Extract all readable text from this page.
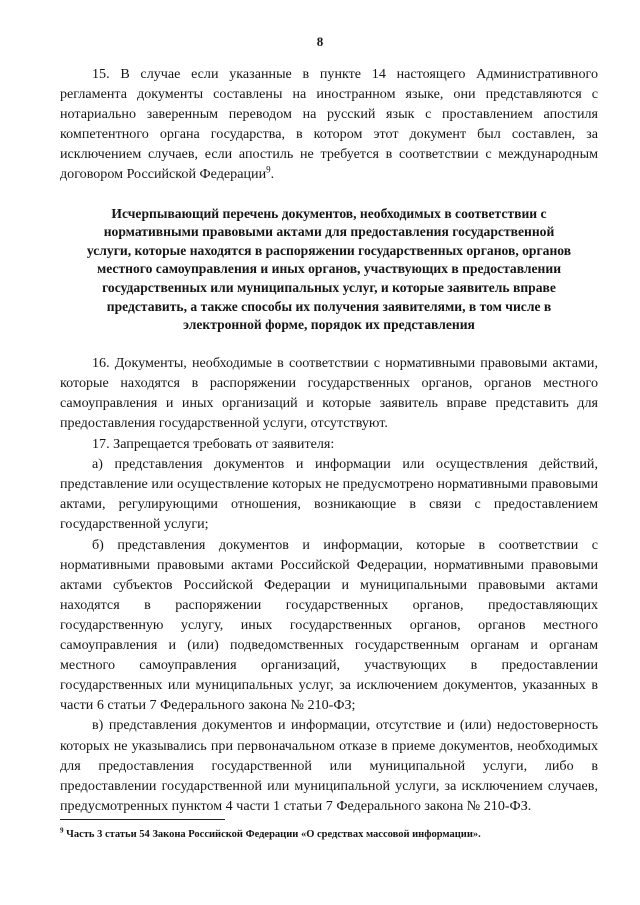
8

15. В случае если указанные в пункте 14 настоящего Административного регламента документы составлены на иностранном языке, они представляются с нотариально заверенным переводом на русский язык с проставлением апостиля компетентного органа государства, в котором этот документ был составлен, за исключением случаев, если апостиль не требуется в соответствии с международным договором Российской Федерации$^9$.

Исчерпывающий перечень документов, необходимых в соответствии с нормативными правовыми актами для предоставления государственной услуги, которые находятся в распоряжении государственных органов, органов местного самоуправления и иных органов, участвующих в предоставлении государственных или муниципальных услуг, и которые заявитель вправе представить, а также способы их получения заявителями, в том числе в электронной форме, порядок их представления

16. Документы, необходимые в соответствии с нормативными правовыми актами, которые находятся в распоряжении государственных органов, органов местного самоуправления и иных организаций и которые заявитель вправе представить для предоставления государственной услуги, отсутствуют.

17. Запрещается требовать от заявителя:

а) представления документов и информации или осуществления действий, представление или осуществление которых не предусмотрено нормативными правовыми актами, регулирующими отношения, возникающие в связи с предоставлением государственной услуги;

б) представления документов и информации, которые в соответствии с нормативными правовыми актами Российской Федерации, нормативными правовыми актами субъектов Российской Федерации и муниципальными правовыми актами находятся в распоряжении государственных органов, предоставляющих государственную услугу, иных государственных органов, органов местного самоуправления и (или) подведомственных государственным органам и органам местного самоуправления организаций, участвующих в предоставлении государственных или муниципальных услуг, за исключением документов, указанных в части 6 статьи 7 Федерального закона № 210-ФЗ;

в) представления документов и информации, отсутствие и (или) недостоверность которых не указывались при первоначальном отказе в приеме документов, необходимых для предоставления государственной или муниципальной услуги, либо в предоставлении государственной или муниципальной услуги, за исключением случаев, предусмотренных пунктом 4 части 1 статьи 7 Федерального закона № 210-ФЗ.

$^9$ Часть 3 статьи 54 Закона Российской Федерации «О средствах массовой информации».
